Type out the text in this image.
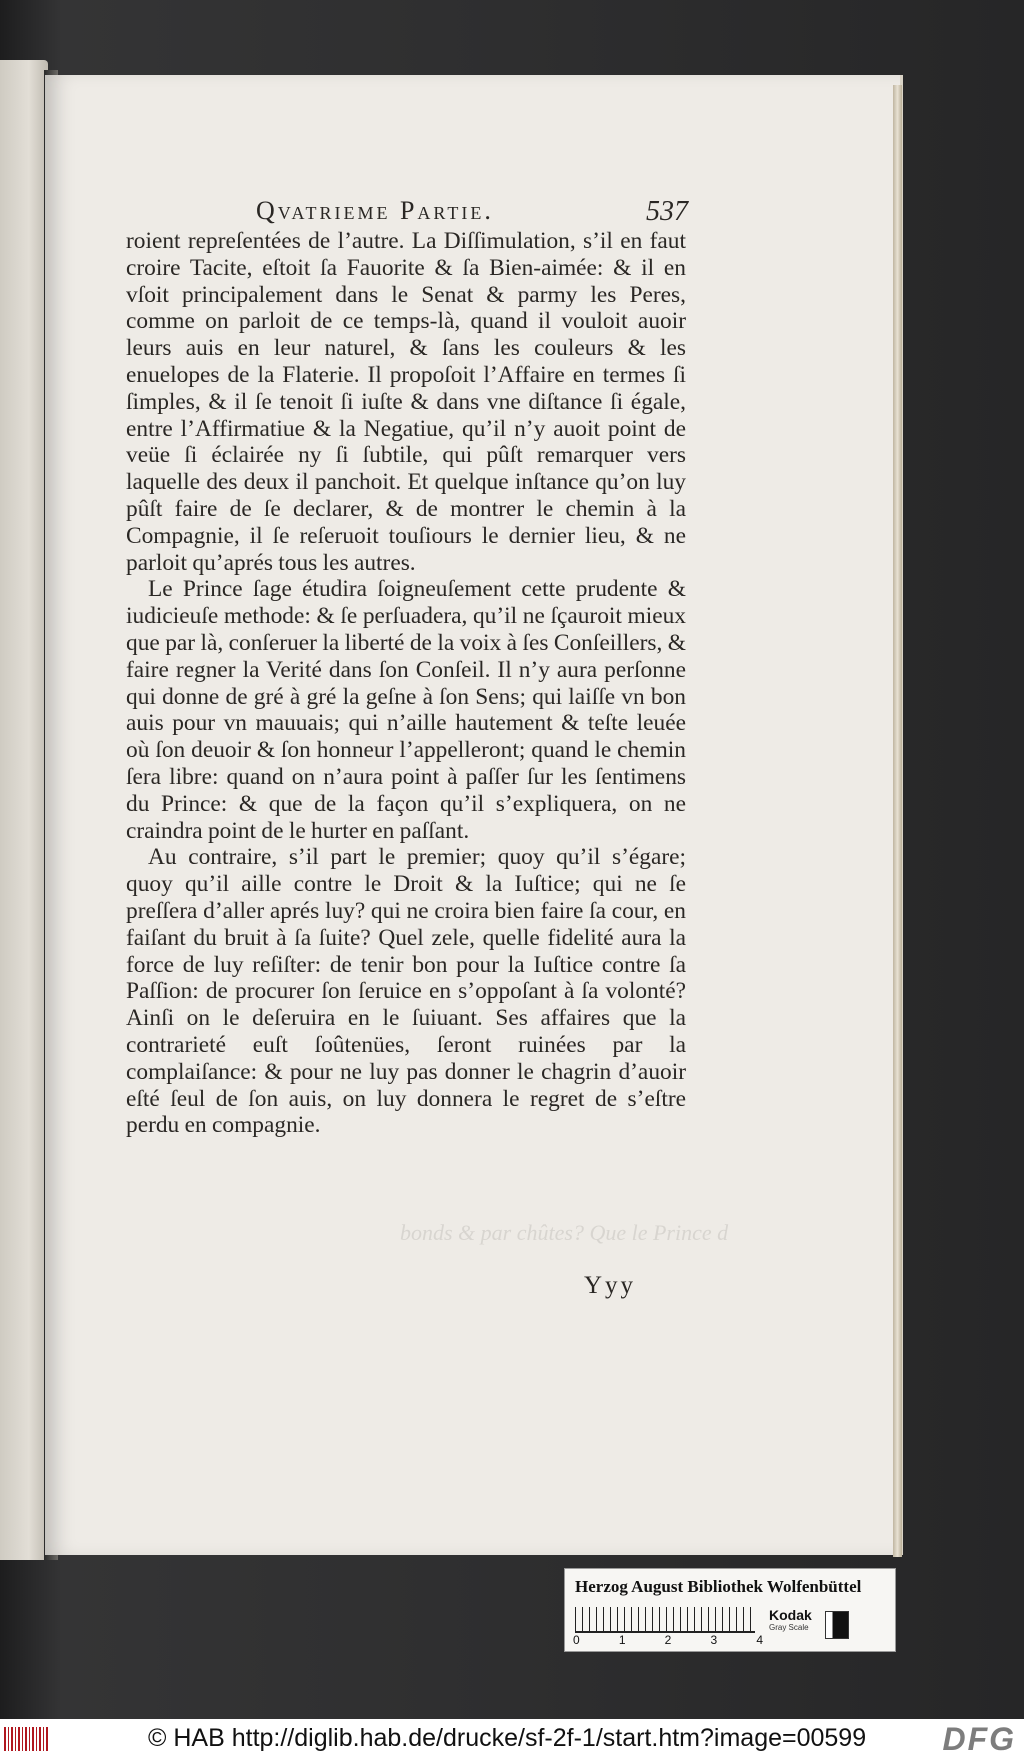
Qvatrieme Partie.	537

roient repreſentées de l’autre. La Diſſimulation, s’il en faut croire Tacite, eſtoit ſa Fauorite & ſa Bien-aimée: & il en vſoit principalement dans le Senat & parmy les Peres, comme on parloit de ce temps-là, quand il vouloit auoir leurs auis en leur naturel, & ſans les couleurs & les enuelopes de la Flaterie. Il propoſoit l’Affaire en termes ſi ſimples, & il ſe tenoit ſi iuſte & dans vne diſtance ſi égale, entre l’Affirmatiue & la Negatiue, qu’il n’y auoit point de veüe ſi éclairée ny ſi ſubtile, qui pûſt remarquer vers laquelle des deux il panchoit. Et quelque inſtance qu’on luy pûſt faire de ſe declarer, & de montrer le chemin à la Compagnie, il ſe reſeruoit touſiours le dernier lieu, & ne parloit qu’aprés tous les autres.

Le Prince ſage étudira ſoigneuſement cette prudente & iudicieuſe methode: & ſe perſuadera, qu’il ne ſçauroit mieux que par là, conſeruer la liberté de la voix à ſes Conſeillers, & faire regner la Verité dans ſon Conſeil. Il n’y aura perſonne qui donne de gré à gré la geſne à ſon Sens; qui laiſſe vn bon auis pour vn mauuais; qui n’aille hautement & teſte leuée où ſon deuoir & ſon honneur l’appelleront; quand le chemin ſera libre: quand on n’aura point à paſſer ſur les ſentimens du Prince: & que de la façon qu’il s’expliquera, on ne craindra point de le hurter en paſſant.

Au contraire, s’il part le premier; quoy qu’il s’égare; quoy qu’il aille contre le Droit & la Iuſtice; qui ne ſe preſſera d’aller aprés luy? qui ne croira bien faire ſa cour, en faiſant du bruit à ſa ſuite? Quel zele, quelle fidelité aura la force de luy reſiſter: de tenir bon pour la Iuſtice contre ſa Paſſion: de procurer ſon ſeruice en s’oppoſant à ſa volonté? Ainſi on le deſeruira en le ſuiuant. Ses affaires que la contrarieté euſt ſoûtenües, ſeront ruinées par la complaiſance: & pour ne luy pas donner le chagrin d’auoir eſté ſeul de ſon auis, on luy donnera le regret de s’eſtre perdu en compagnie.

bonds & par chûtes? Que le Prince d
Yyy
Herzog August Bibliothek Wolfenbüttel
0	1	2	3	4
Kodak
Gray Scale
© HAB http://diglib.hab.de/drucke/sf-2f-1/start.htm?image=00599 DFG
